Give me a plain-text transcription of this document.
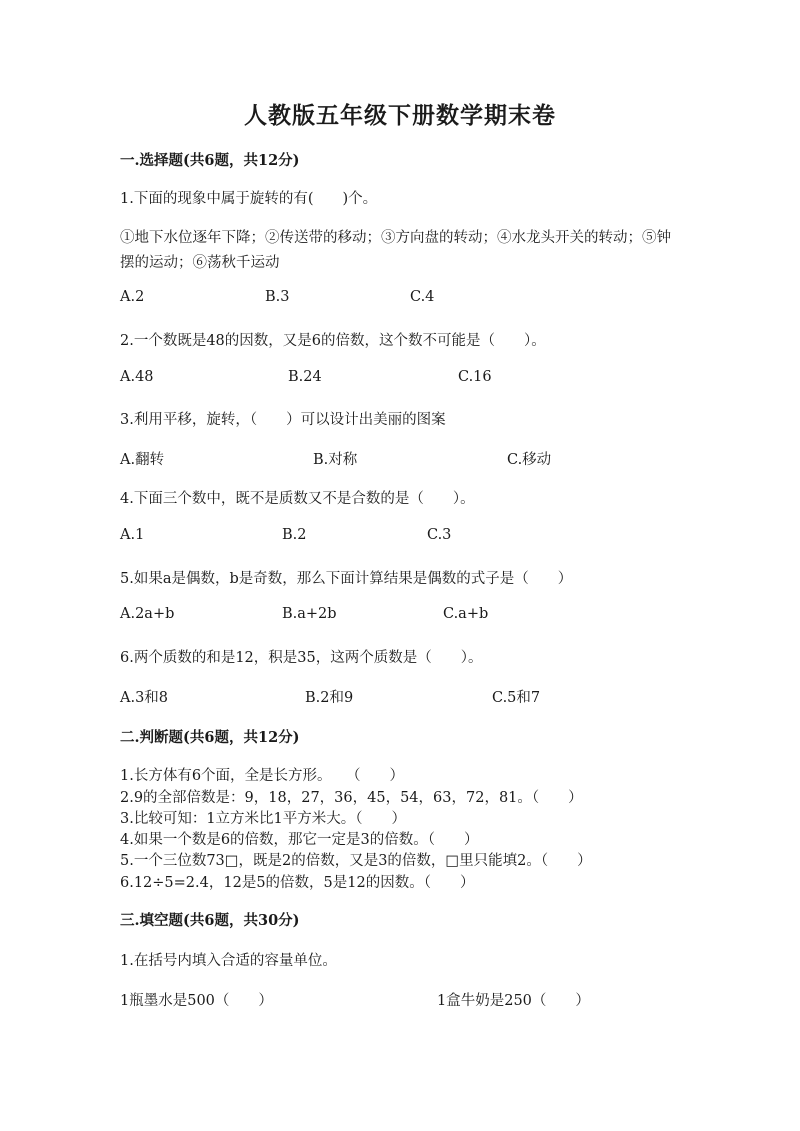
人教版五年级下册数学期末卷
一.选择题(共6题，共12分)
1.下面的现象中属于旋转的有(　　)个。
①地下水位逐年下降；②传送带的移动；③方向盘的转动；④水龙头开关的转动；⑤钟摆的运动；⑥荡秋千运动
A.2	B.3	C.4
2.一个数既是48的因数，又是6的倍数，这个数不可能是（　　）。
A.48	B.24	C.16
3.利用平移，旋转，（　　）可以设计出美丽的图案
A.翻转	B.对称	C.移动
4.下面三个数中，既不是质数又不是合数的是（　　）。
A.1	B.2	C.3
5.如果a是偶数，b是奇数，那么下面计算结果是偶数的式子是（　　）
A.2a+b	B.a+2b	C.a+b
6.两个质数的和是12，积是35，这两个质数是（　　）。
A.3和8	B.2和9	C.5和7
二.判断题(共6题，共12分)
1.长方体有6个面，全是长方形。　　（　　）
2.9的全部倍数是：9，18，27，36，45，54，63，72，81。（　　）
3.比较可知：1立方米比1平方米大。（　　）
4.如果一个数是6的倍数，那它一定是3的倍数。（　　）
5.一个三位数73□，既是2的倍数，又是3的倍数，□里只能填2。（　　）
6.12÷5=2.4，12是5的倍数，5是12的因数。（　　）
三.填空题(共6题，共30分)
1.在括号内填入合适的容量单位。
1瓶墨水是500（　　）	1盒牛奶是250（　　）
